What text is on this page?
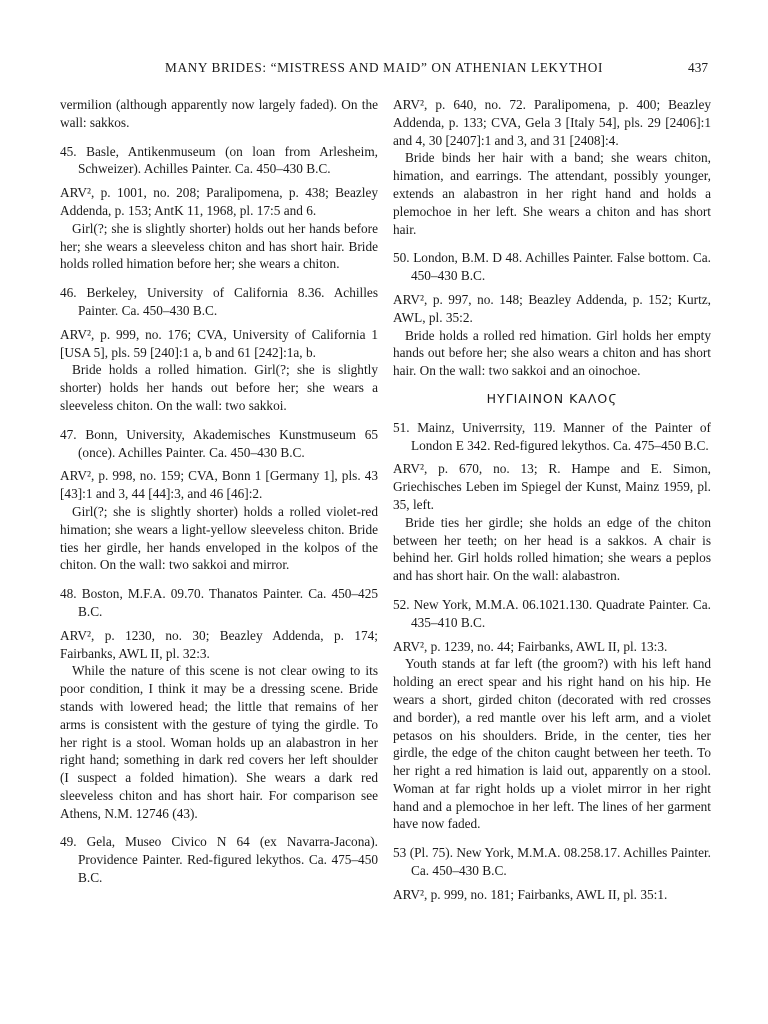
MANY BRIDES: “MISTRESS AND MAID” ON ATHENIAN LEKYTHOI	437

vermilion (although apparently now largely faded). On the wall: sakkos.

45. Basle, Antikenmuseum (on loan from Arlesheim, Schweizer). Achilles Painter. Ca. 450–430 B.C.

ARV², p. 1001, no. 208; Paralipomena, p. 438; Beazley Addenda, p. 153; AntK 11, 1968, pl. 17:5 and 6.

Girl(?; she is slightly shorter) holds out her hands before her; she wears a sleeveless chiton and has short hair. Bride holds rolled himation before her; she wears a chiton.

46. Berkeley, University of California 8.36. Achilles Painter. Ca. 450–430 B.C.

ARV², p. 999, no. 176; CVA, University of California 1 [USA 5], pls. 59 [240]:1 a, b and 61 [242]:1a, b.

Bride holds a rolled himation. Girl(?; she is slightly shorter) holds her hands out before her; she wears a sleeveless chiton. On the wall: two sakkoi.

47. Bonn, University, Akademisches Kunstmuseum 65 (once). Achilles Painter. Ca. 450–430 B.C.

ARV², p. 998, no. 159; CVA, Bonn 1 [Germany 1], pls. 43 [43]:1 and 3, 44 [44]:3, and 46 [46]:2.

Girl(?; she is slightly shorter) holds a rolled violet-red himation; she wears a light-yellow sleeveless chiton. Bride ties her girdle, her hands enveloped in the kolpos of the chiton. On the wall: two sakkoi and mirror.

48. Boston, M.F.A. 09.70. Thanatos Painter. Ca. 450–425 B.C.

ARV², p. 1230, no. 30; Beazley Addenda, p. 174; Fairbanks, AWL II, pl. 32:3.

While the nature of this scene is not clear owing to its poor condition, I think it may be a dressing scene. Bride stands with lowered head; the little that remains of her arms is consistent with the gesture of tying the girdle. To her right is a stool. Woman holds up an alabastron in her right hand; something in dark red covers her left shoulder (I suspect a folded himation). She wears a dark red sleeveless chiton and has short hair. For comparison see Athens, N.M. 12746 (43).

49. Gela, Museo Civico N 64 (ex Navarra-Jacona). Providence Painter. Red-figured lekythos. Ca. 475–450 B.C.

ARV², p. 640, no. 72. Paralipomena, p. 400; Beazley Addenda, p. 133; CVA, Gela 3 [Italy 54], pls. 29 [2406]:1 and 4, 30 [2407]:1 and 3, and 31 [2408]:4.

Bride binds her hair with a band; she wears chiton, himation, and earrings. The attendant, possibly younger, extends an alabastron in her right hand and holds a plemochoe in her left. She wears a chiton and has short hair.

50. London, B.M. D 48. Achilles Painter. False bottom. Ca. 450–430 B.C.

ARV², p. 997, no. 148; Beazley Addenda, p. 152; Kurtz, AWL, pl. 35:2.

Bride holds a rolled red himation. Girl holds her empty hands out before her; she also wears a chiton and has short hair. On the wall: two sakkoi and an oinochoe.

ΗΥΓΙΑΙΝΟΝ ΚΑΛΟϚ

51. Mainz, Univerrsity, 119. Manner of the Painter of London E 342. Red-figured lekythos. Ca. 475–450 B.C.

ARV², p. 670, no. 13; R. Hampe and E. Simon, Griechisches Leben im Spiegel der Kunst, Mainz 1959, pl. 35, left.

Bride ties her girdle; she holds an edge of the chiton between her teeth; on her head is a sakkos. A chair is behind her. Girl holds rolled himation; she wears a peplos and has short hair. On the wall: alabastron.

52. New York, M.M.A. 06.1021.130. Quadrate Painter. Ca. 435–410 B.C.

ARV², p. 1239, no. 44; Fairbanks, AWL II, pl. 13:3.

Youth stands at far left (the groom?) with his left hand holding an erect spear and his right hand on his hip. He wears a short, girded chiton (decorated with red crosses and border), a red mantle over his left arm, and a violet petasos on his shoulders. Bride, in the center, ties her girdle, the edge of the chiton caught between her teeth. To her right a red himation is laid out, apparently on a stool. Woman at far right holds up a violet mirror in her right hand and a plemochoe in her left. The lines of her garment have now faded.

53 (Pl. 75). New York, M.M.A. 08.258.17. Achilles Painter. Ca. 450–430 B.C.

ARV², p. 999, no. 181; Fairbanks, AWL II, pl. 35:1.
